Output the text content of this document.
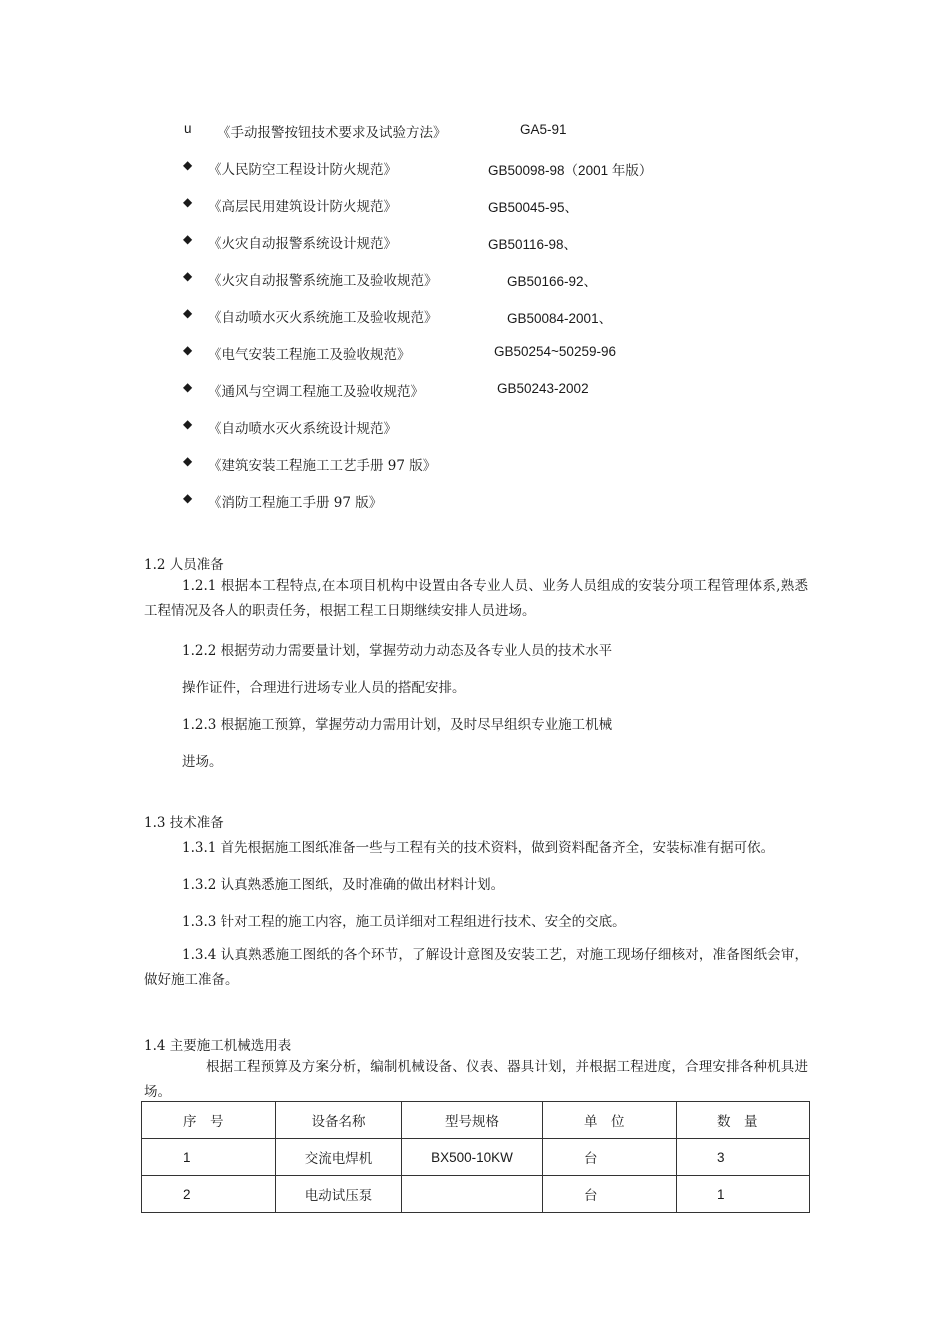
u 《手动报警按钮技术要求及试验方法》	GA5-91
◆ 《人民防空工程设计防火规范》	GB50098-98（2001 年版）
◆ 《高层民用建筑设计防火规范》	GB50045-95、
◆ 《火灾自动报警系统设计规范》	GB50116-98、
◆ 《火灾自动报警系统施工及验收规范》	GB50166-92、
◆ 《自动喷水灭火系统施工及验收规范》	GB50084-2001、
◆ 《电气安装工程施工及验收规范》	GB50254~50259-96
◆ 《通风与空调工程施工及验收规范》	GB50243-2002
◆ 《自动喷水灭火系统设计规范》
◆ 《建筑安装工程施工工艺手册 97 版》
◆ 《消防工程施工手册 97 版》
1.2 人员准备
1.2.1 根据本工程特点,在本项目机构中设置由各专业人员、业务人员组成的安装分项工程管理体系,熟悉工程情况及各人的职责任务，根据工程工日期继续安排人员进场。
1.2.2 根据劳动力需要量计划，掌握劳动力动态及各专业人员的技术水平
操作证件，合理进行进场专业人员的搭配安排。
1.2.3 根据施工预算，掌握劳动力需用计划，及时尽早组织专业施工机械
进场。
1.3 技术准备
1.3.1 首先根据施工图纸准备一些与工程有关的技术资料，做到资料配备齐全，安装标准有据可依。
1.3.2 认真熟悉施工图纸，及时准确的做出材料计划。
1.3.3 针对工程的施工内容，施工员详细对工程组进行技术、安全的交底。
1.3.4 认真熟悉施工图纸的各个环节，了解设计意图及安装工艺，对施工现场仔细核对，准备图纸会审，做好施工准备。
1.4 主要施工机械选用表
根据工程预算及方案分析，编制机械设备、仪表、器具计划，并根据工程进度，合理安排各种机具进场。
序　号	设备名称	型号规格	单　位	数　量

1	交流电焊机	BX500-10KW	台	3

2	电动试压泵		台	1
